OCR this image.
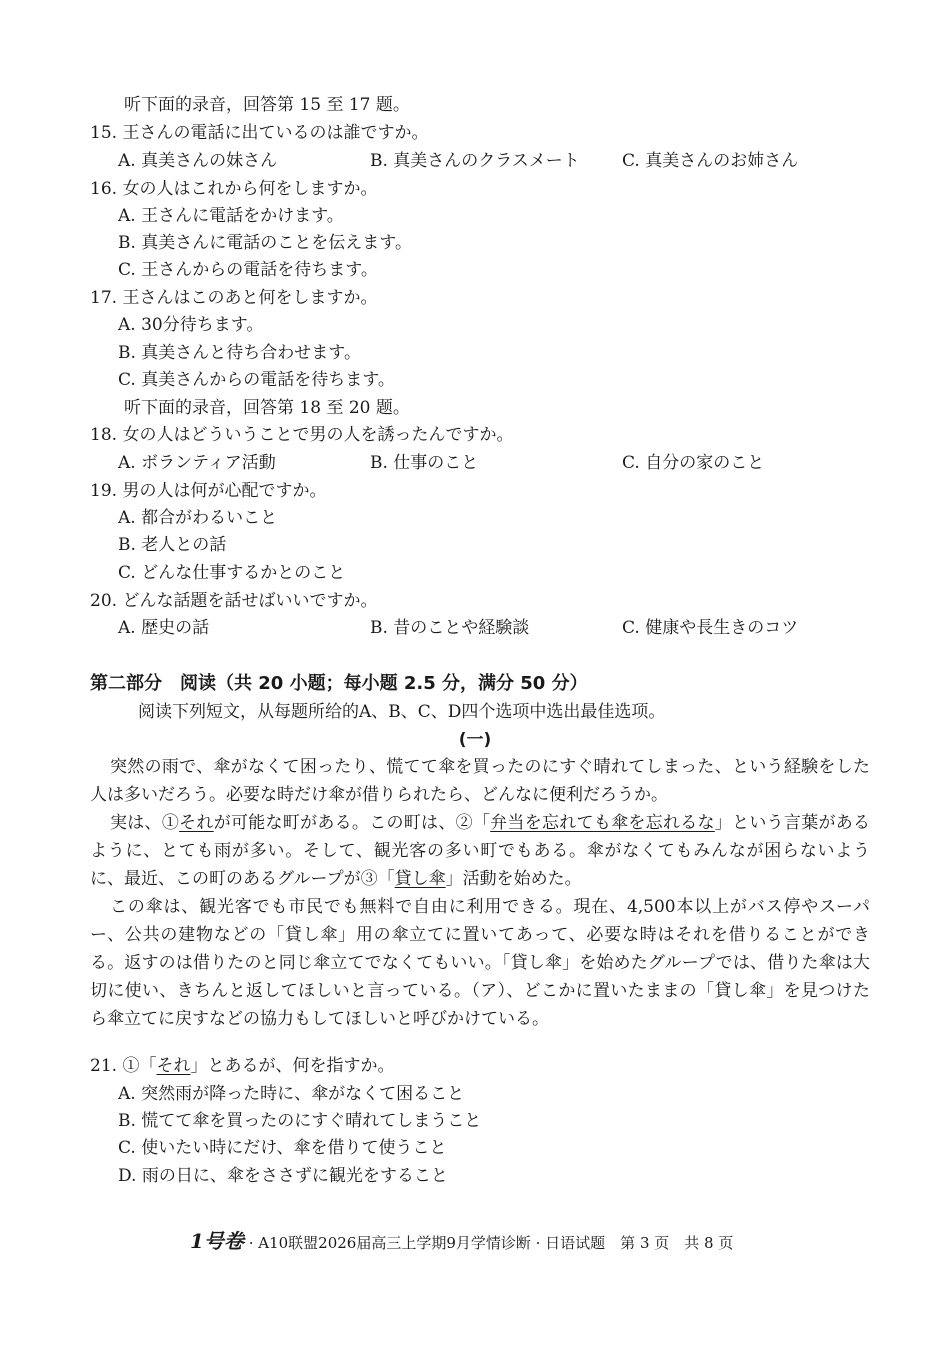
听下面的录音，回答第 15 至 17 题。
15. 王さんの電話に出ているのは誰ですか。
A. 真美さんの妹さん	B. 真美さんのクラスメート C. 真美さんのお姉さん
16. 女の人はこれから何をしますか。
A. 王さんに電話をかけます。
B. 真美さんに電話のことを伝えます。
C. 王さんからの電話を待ちます。
17. 王さんはこのあと何をしますか。
A. 30分待ちます。
B. 真美さんと待ち合わせます。
C. 真美さんからの電話を待ちます。
听下面的录音，回答第 18 至 20 题。
18. 女の人はどういうことで男の人を誘ったんですか。
A. ボランティア活動	B. 仕事のこと	C. 自分の家のこと
19. 男の人は何が心配ですか。
A. 都合がわるいこと
B. 老人との話
C. どんな仕事するかとのこと
20. どんな話題を話せばいいですか。
A. 歴史の話	B. 昔のことや経験談	C. 健康や長生きのコツ
第二部分　阅读（共 20 小题；每小题 2.5 分，满分 50 分）
阅读下列短文，从每题所给的A、B、C、D四个选项中选出最佳选项。
(一)
突然の雨で、傘がなくて困ったり、慌てて傘を買ったのにすぐ晴れてしまった、という経験をした人は多いだろう。必要な時だけ傘が借りられたら、どんなに便利だろうか。
実は、①それが可能な町がある。この町は、②「弁当を忘れても傘を忘れるな」という言葉があるように、とても雨が多い。そして、観光客の多い町でもある。傘がなくてもみんなが困らないように、最近、この町のあるグループが③「貸し傘」活動を始めた。
この傘は、観光客でも市民でも無料で自由に利用できる。現在、4,500本以上がバス停やスーパー、公共の建物などの「貸し傘」用の傘立てに置いてあって、必要な時はそれを借りることができる。返すのは借りたのと同じ傘立てでなくてもいい。「貸し傘」を始めたグループでは、借りた傘は大切に使い、きちんと返してほしいと言っている。（ア）、どこかに置いたままの「貸し傘」を見つけたら傘立てに戻すなどの協力もしてほしいと呼びかけている。
21. ①「それ」とあるが、何を指すか。
A. 突然雨が降った時に、傘がなくて困ること
B. 慌てて傘を買ったのにすぐ晴れてしまうこと
C. 使いたい時にだけ、傘を借りて使うこと
D. 雨の日に、傘をささずに観光をすること
1号卷 · A10联盟2026届高三上学期9月学情诊断 · 日语试题　第 3 页　共 8 页
